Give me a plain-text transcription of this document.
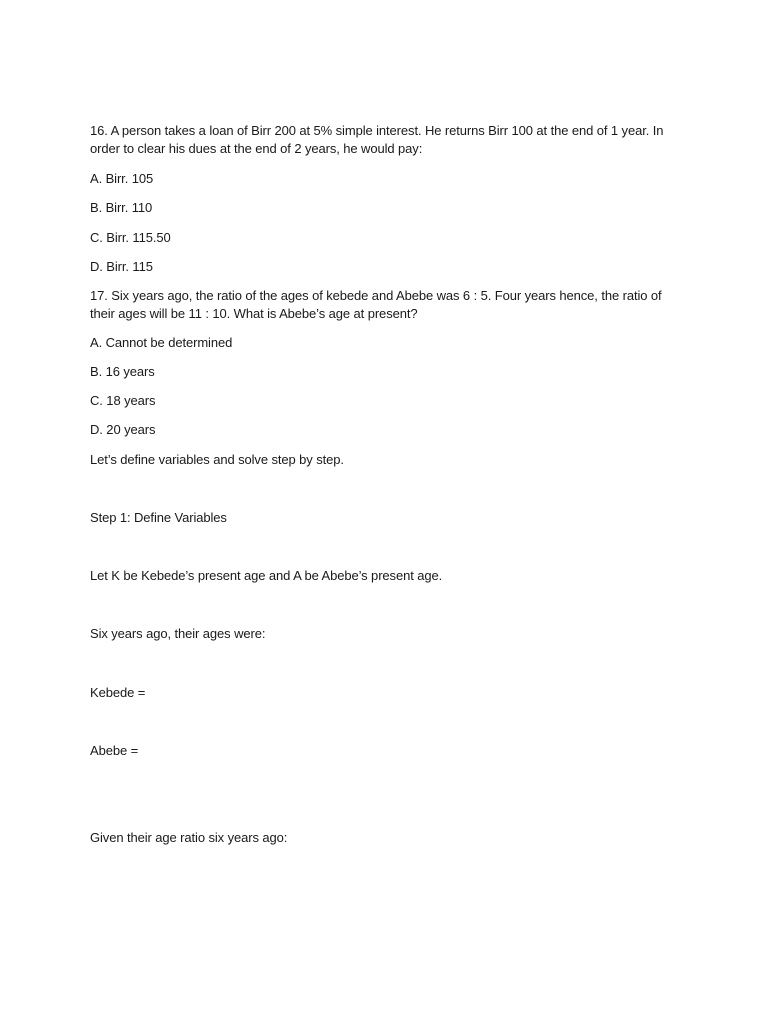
16. A person takes a loan of Birr 200 at 5% simple interest. He returns Birr 100 at the end of 1 year. In order to clear his dues at the end of 2 years, he would pay:

A. Birr. 105

B. Birr. 110

C. Birr. 115.50

D. Birr. 115

17. Six years ago, the ratio of the ages of kebede and Abebe was 6 : 5. Four years hence, the ratio of their ages will be 11 : 10. What is Abebe’s age at present?

A. Cannot be determined

B. 16 years

C. 18 years

D. 20 years

Let’s define variables and solve step by step.

Step 1: Define Variables

Let K be Kebede’s present age and A be Abebe’s present age.

Six years ago, their ages were:

Kebede =

Abebe =

Given their age ratio six years ago:
